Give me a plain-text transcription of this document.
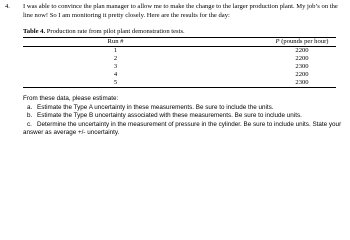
4. I was able to convince the plan manager to allow me to make the change to the larger production plant. My job’s on the line now! So I am monitoring it pretty closely. Here are the results for the day:
Table 4. Production rate from pilot plant demonstration tests.
Run #	P (pounds per hour)
1	2200
2	2200
3	2300
4	2200
5	2300

From these data, please estimate:

a. Estimate the Type A uncertainty in these measurements. Be sure to include the units.
b. Estimate the Type B uncertainty associated with these measurements. Be sure to include units.
c. Determine the uncertainty in the measurement of pressure in the cylinder. Be sure to include units. State your answer as average +/- uncertainty.
